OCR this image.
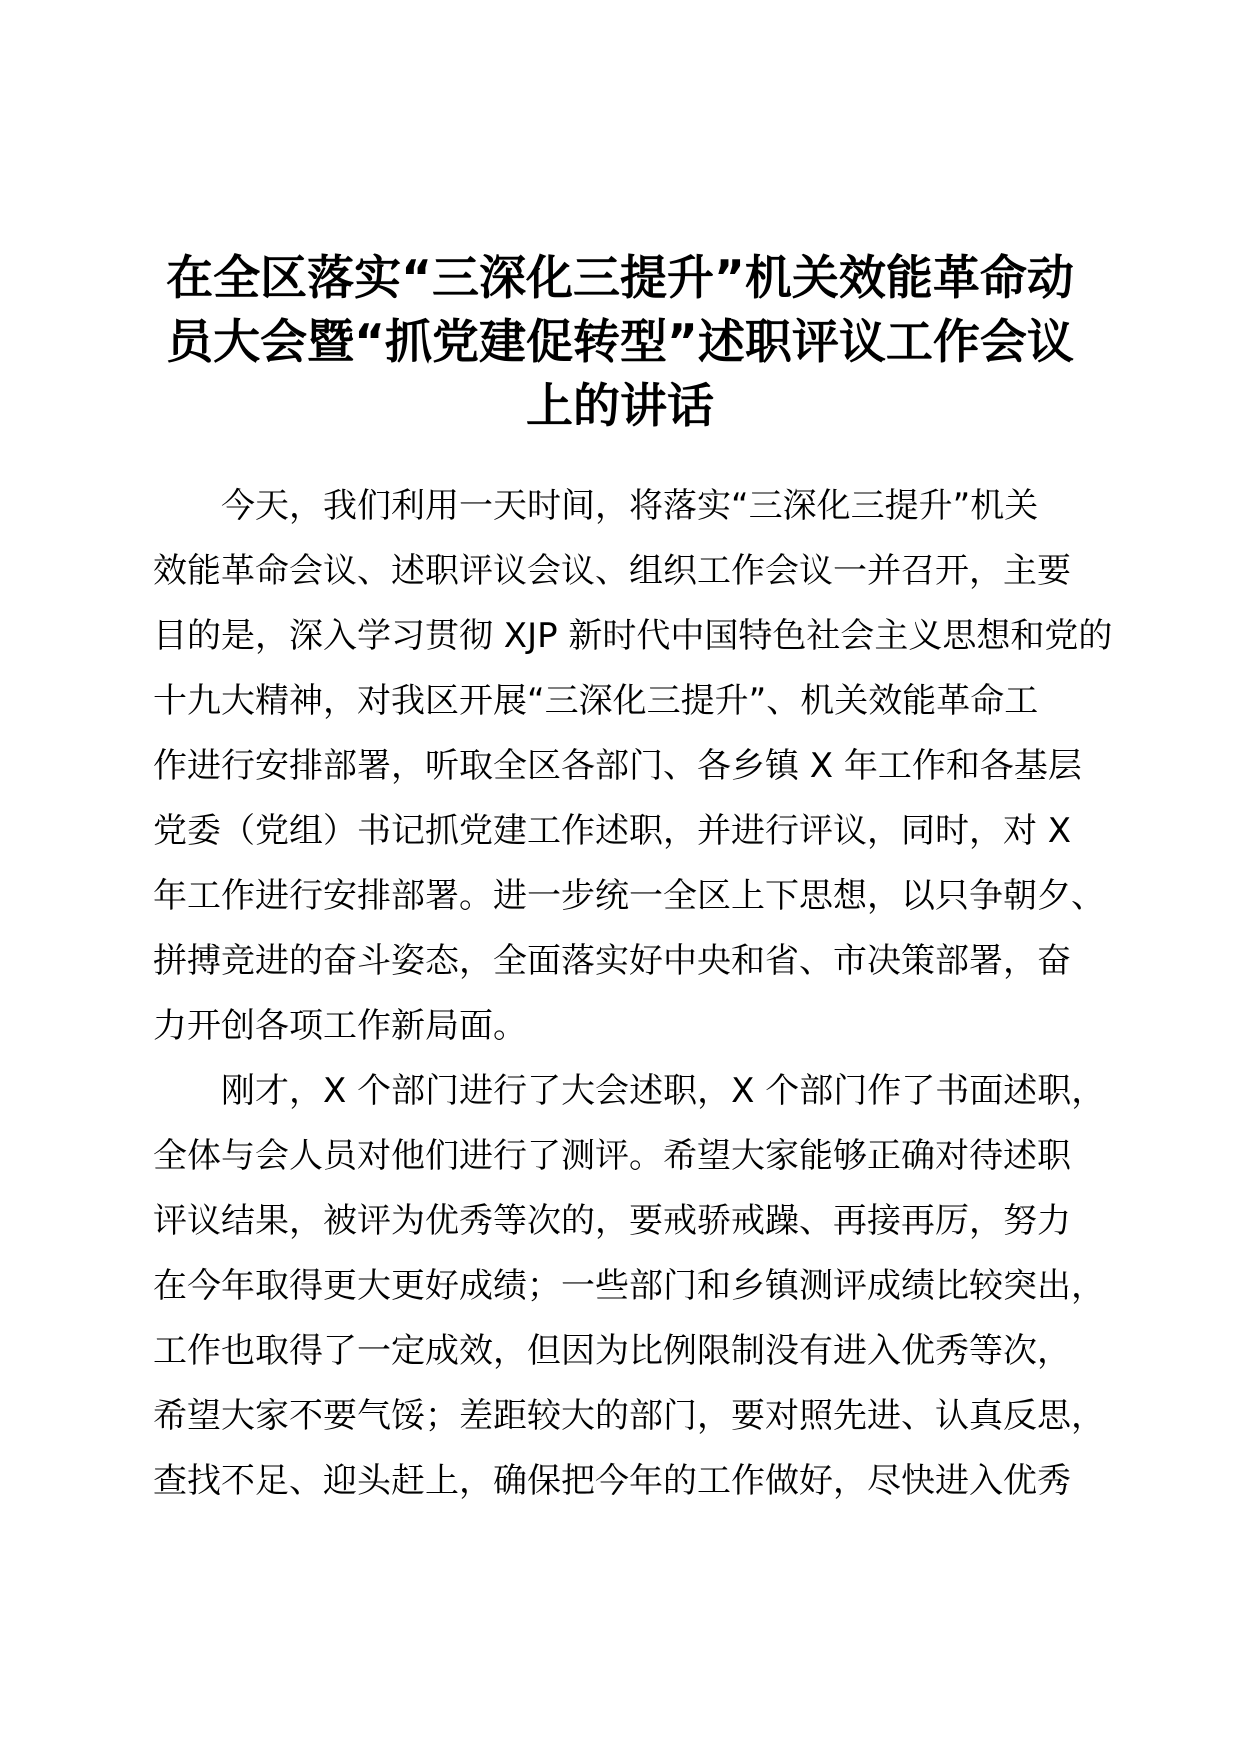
在全区落实“三深化三提升”机关效能革命动
员大会暨“抓党建促转型”述职评议工作会议
上的讲话
今天，我们利用一天时间，将落实“三深化三提升”机关
效能革命会议、述职评议会议、组织工作会议一并召开，主要
目的是，深入学习贯彻 XJP 新时代中国特色社会主义思想和党的
十九大精神，对我区开展“三深化三提升”、机关效能革命工
作进行安排部署，听取全区各部门、各乡镇 X 年工作和各基层
党委（党组）书记抓党建工作述职，并进行评议，同时，对 X
年工作进行安排部署。进一步统一全区上下思想，以只争朝夕、
拼搏竞进的奋斗姿态，全面落实好中央和省、市决策部署，奋
力开创各项工作新局面。
刚才，X 个部门进行了大会述职，X 个部门作了书面述职，
全体与会人员对他们进行了测评。希望大家能够正确对待述职
评议结果，被评为优秀等次的，要戒骄戒躁、再接再厉，努力
在今年取得更大更好成绩；一些部门和乡镇测评成绩比较突出，
工作也取得了一定成效，但因为比例限制没有进入优秀等次，
希望大家不要气馁；差距较大的部门，要对照先进、认真反思，
查找不足、迎头赶上，确保把今年的工作做好，尽快进入优秀
